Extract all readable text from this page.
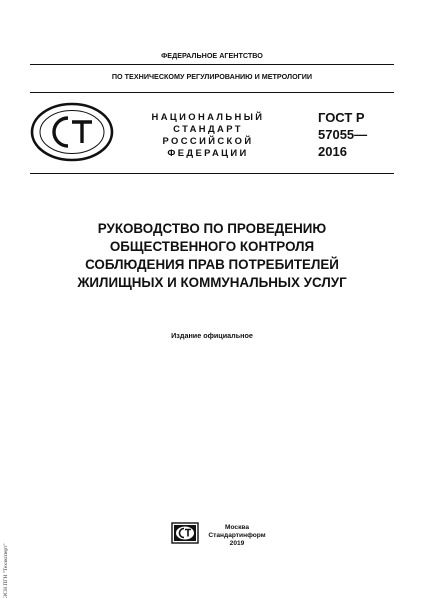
ФЕДЕРАЛЬНОЕ АГЕНТСТВО
ПО ТЕХНИЧЕСКОМУ РЕГУЛИРОВАНИЮ И МЕТРОЛОГИИ
НАЦИОНАЛЬНЫЙ
СТАНДАРТ
РОССИЙСКОЙ
ФЕДЕРАЦИИ
ГОСТ Р
57055—
2016
РУКОВОДСТВО ПО ПРОВЕДЕНИЮ
ОБЩЕСТВЕННОГО КОНТРОЛЯ
СОБЛЮДЕНИЯ ПРАВ ПОТРЕБИТЕЛЕЙ
ЖИЛИЩНЫХ И КОММУНАЛЬНЫХ УСЛУГ
Издание официальное
Москва
Стандартинформ
2019
ЭСН ПГН "Техэксперт"
